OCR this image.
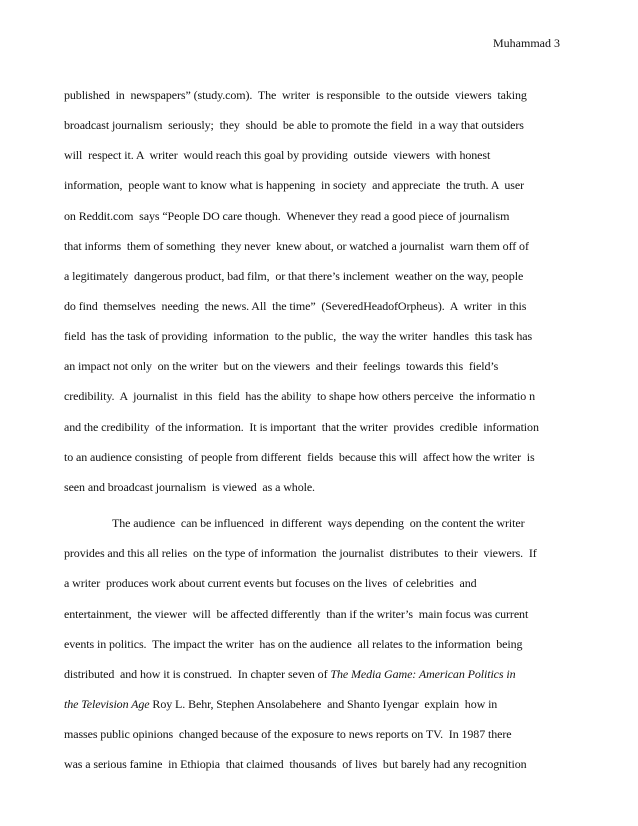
Muhammad 3
published  in  newspapers” (study.com).  The  writer  is responsible  to the outside  viewers  taking
broadcast journalism  seriously;  they  should  be able to promote the field  in a way that outsiders
will  respect it. A  writer  would reach this goal by providing  outside  viewers  with honest
information,  people want to know what is happening  in society  and appreciate  the truth. A  user
on Reddit.com  says “People DO care though.  Whenever they read a good piece of journalism
that informs  them of something  they never  knew about, or watched a journalist  warn them off of
a legitimately  dangerous product, bad film,  or that there’s inclement  weather on the way, people
do find  themselves  needing  the news. All  the time”  (SeveredHeadofOrpheus).  A  writer  in this
field  has the task of providing  information  to the public,  the way the writer  handles  this task has
an impact not only  on the writer  but on the viewers  and their  feelings  towards this  field’s
credibility.  A  journalist  in this  field  has the ability  to shape how others perceive  the informatio n
and the credibility  of the information.  It is important  that the writer  provides  credible  information
to an audience consisting  of people from different  fields  because this will  affect how the writer  is
seen and broadcast journalism  is viewed  as a whole.
The audience  can be influenced  in different  ways depending  on the content the writer
provides and this all relies  on the type of information  the journalist  distributes  to their  viewers.  If
a writer  produces work about current events but focuses on the lives  of celebrities  and
entertainment,  the viewer  will  be affected differently  than if the writer’s  main focus was current
events in politics.  The impact the writer  has on the audience  all relates to the information  being
distributed  and how it is construed.  In chapter seven of The Media Game: American Politics in
the Television Age Roy L. Behr, Stephen Ansolabehere  and Shanto Iyengar  explain  how in
masses public opinions  changed because of the exposure to news reports on TV.  In 1987 there
was a serious famine  in Ethiopia  that claimed  thousands  of lives  but barely had any recognition
